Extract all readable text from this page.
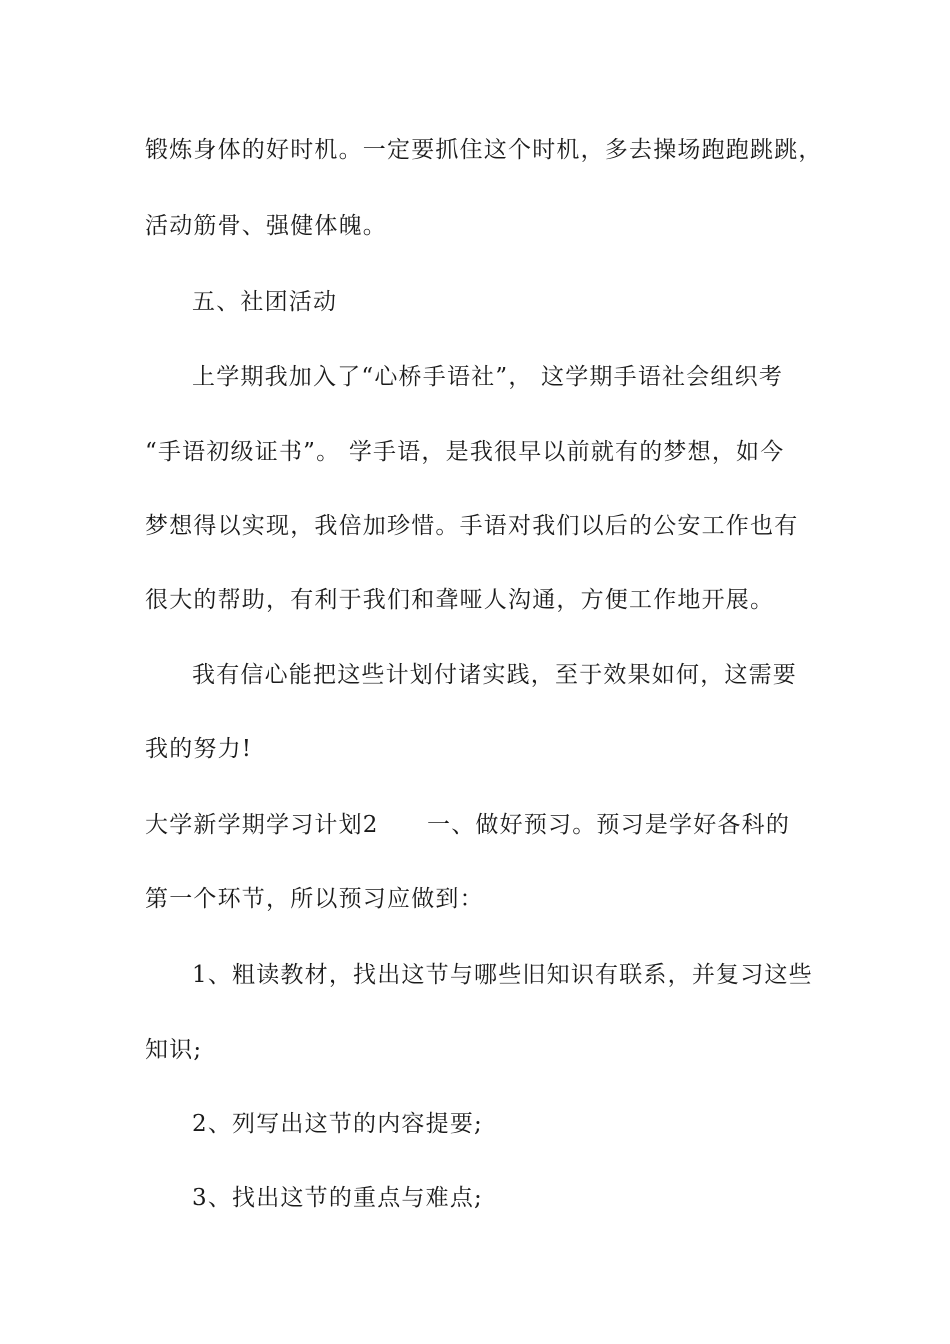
锻炼身体的好时机。一定要抓住这个时机，多去操场跑跑跳跳，
活动筋骨、强健体魄。
五、社团活动
上学期我加入了“心桥手语社”， 这学期手语社会组织考
“手语初级证书”。 学手语，是我很早以前就有的梦想，如今
梦想得以实现，我倍加珍惜。手语对我们以后的公安工作也有
很大的帮助，有利于我们和聋哑人沟通，方便工作地开展。
我有信心能把这些计划付诸实践，至于效果如何，这需要
我的努力!
大学新学期学习计划2　　一、做好预习。预习是学好各科的
第一个环节，所以预习应做到：
1、粗读教材，找出这节与哪些旧知识有联系，并复习这些
知识;
2、列写出这节的内容提要;
3、找出这节的重点与难点;
